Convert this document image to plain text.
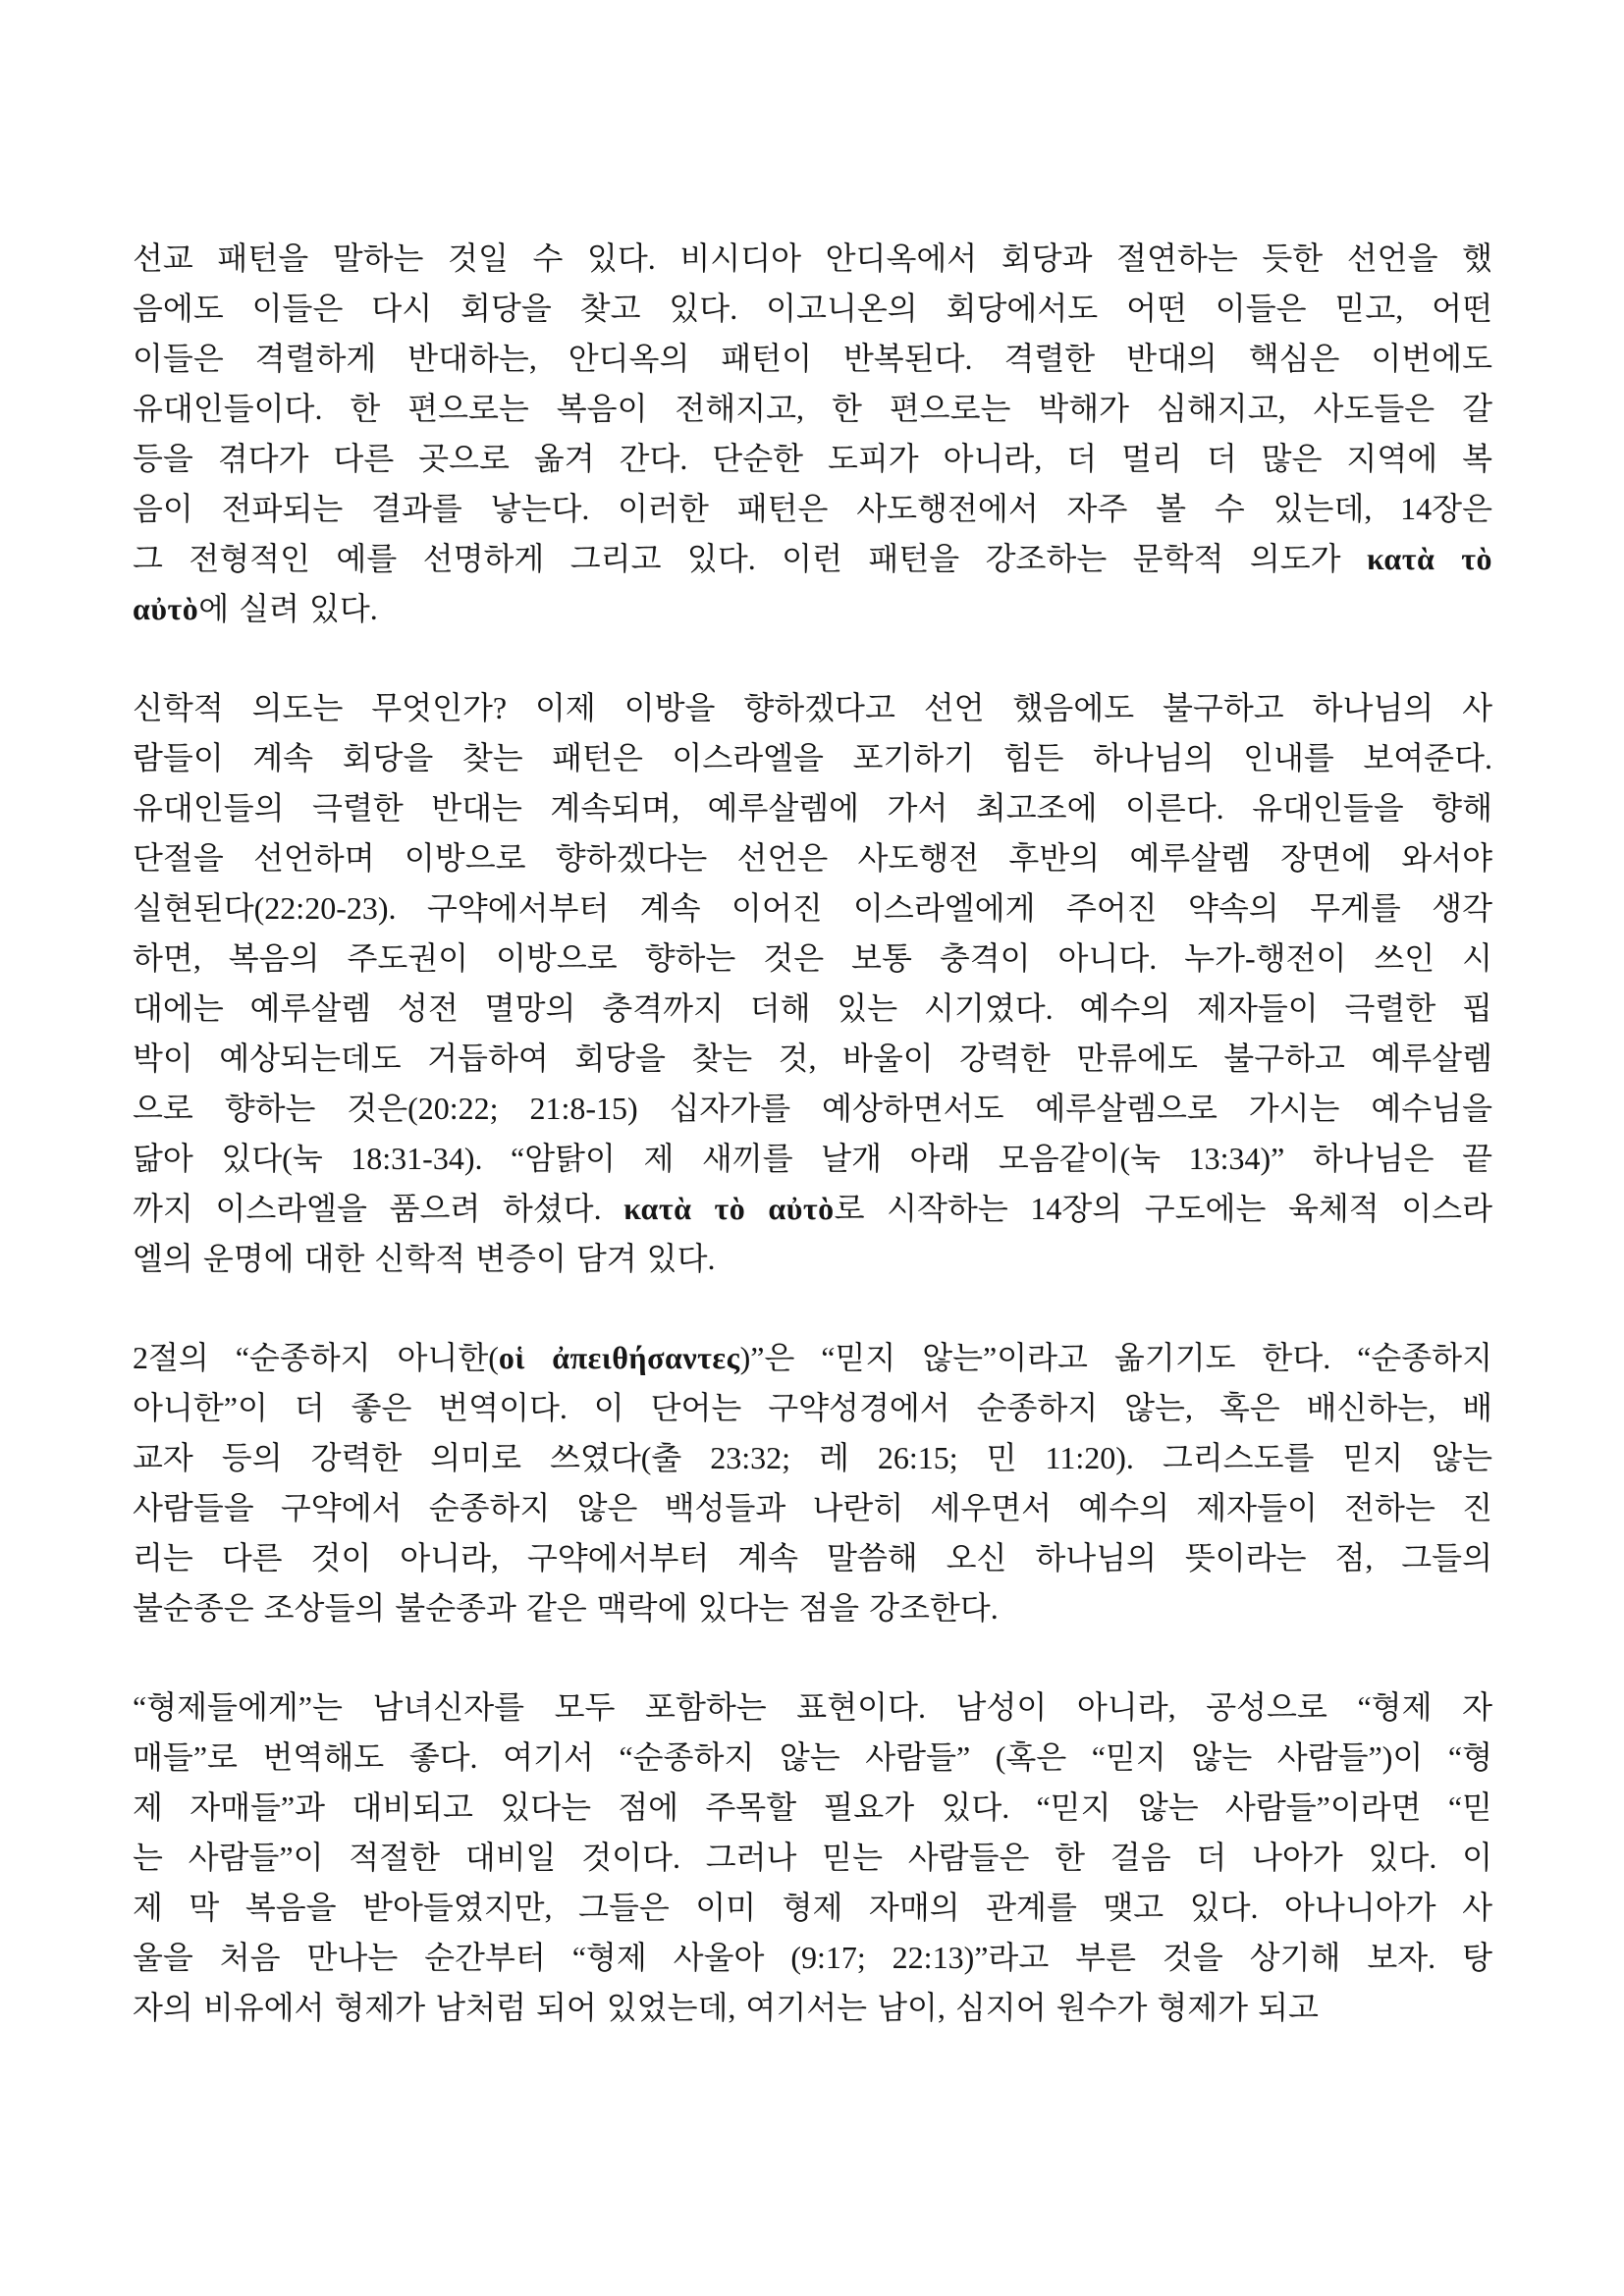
선교 패턴을 말하는 것일 수 있다. 비시디아 안디옥에서 회당과 절연하는 듯한 선언을 했
음에도 이들은 다시 회당을 찾고 있다. 이고니온의 회당에서도 어떤 이들은 믿고, 어떤
이들은 격렬하게 반대하는, 안디옥의 패턴이 반복된다. 격렬한 반대의 핵심은 이번에도
유대인들이다. 한 편으로는 복음이 전해지고, 한 편으로는 박해가 심해지고, 사도들은 갈
등을 겪다가 다른 곳으로 옮겨 간다. 단순한 도피가 아니라, 더 멀리 더 많은 지역에 복
음이 전파되는 결과를 낳는다. 이러한 패턴은 사도행전에서 자주 볼 수 있는데, 14장은
그 전형적인 예를 선명하게 그리고 있다. 이런 패턴을 강조하는 문학적 의도가 κατὰ τὸ
αὐτὸ에 실려 있다.
신학적 의도는 무엇인가? 이제 이방을 향하겠다고 선언 했음에도 불구하고 하나님의 사
람들이 계속 회당을 찾는 패턴은 이스라엘을 포기하기 힘든 하나님의 인내를 보여준다.
유대인들의 극렬한 반대는 계속되며, 예루살렘에 가서 최고조에 이른다. 유대인들을 향해
단절을 선언하며 이방으로 향하겠다는 선언은 사도행전 후반의 예루살렘 장면에 와서야
실현된다(22:20-23). 구약에서부터 계속 이어진 이스라엘에게 주어진 약속의 무게를 생각
하면, 복음의 주도권이 이방으로 향하는 것은 보통 충격이 아니다. 누가-행전이 쓰인 시
대에는 예루살렘 성전 멸망의 충격까지 더해 있는 시기였다. 예수의 제자들이 극렬한 핍
박이 예상되는데도 거듭하여 회당을 찾는 것, 바울이 강력한 만류에도 불구하고 예루살렘
으로 향하는 것은(20:22; 21:8-15) 십자가를 예상하면서도 예루살렘으로 가시는 예수님을
닮아 있다(눅 18:31-34). “암탉이 제 새끼를 날개 아래 모음같이(눅 13:34)” 하나님은 끝
까지 이스라엘을 품으려 하셨다. κατὰ τὸ αὐτὸ로 시작하는 14장의 구도에는 육체적 이스라
엘의 운명에 대한 신학적 변증이 담겨 있다.
2절의 “순종하지 아니한(οἱ ἀπειθήσαντες)”은 “믿지 않는”이라고 옮기기도 한다. “순종하지
아니한”이 더 좋은 번역이다. 이 단어는 구약성경에서 순종하지 않는, 혹은 배신하는, 배
교자 등의 강력한 의미로 쓰였다(출 23:32; 레 26:15; 민 11:20). 그리스도를 믿지 않는
사람들을 구약에서 순종하지 않은 백성들과 나란히 세우면서 예수의 제자들이 전하는 진
리는 다른 것이 아니라, 구약에서부터 계속 말씀해 오신 하나님의 뜻이라는 점, 그들의
불순종은 조상들의 불순종과 같은 맥락에 있다는 점을 강조한다.
“형제들에게”는 남녀신자를 모두 포함하는 표현이다. 남성이 아니라, 공성으로 “형제 자
매들”로 번역해도 좋다. 여기서 “순종하지 않는 사람들” (혹은 “믿지 않는 사람들”)이 “형
제 자매들”과 대비되고 있다는 점에 주목할 필요가 있다. “믿지 않는 사람들”이라면 “믿
는 사람들”이 적절한 대비일 것이다. 그러나 믿는 사람들은 한 걸음 더 나아가 있다. 이
제 막 복음을 받아들였지만, 그들은 이미 형제 자매의 관계를 맺고 있다. 아나니아가 사
울을 처음 만나는 순간부터 “형제 사울아 (9:17; 22:13)”라고 부른 것을 상기해 보자. 탕
자의 비유에서 형제가 남처럼 되어 있었는데, 여기서는 남이, 심지어 원수가 형제가 되고
